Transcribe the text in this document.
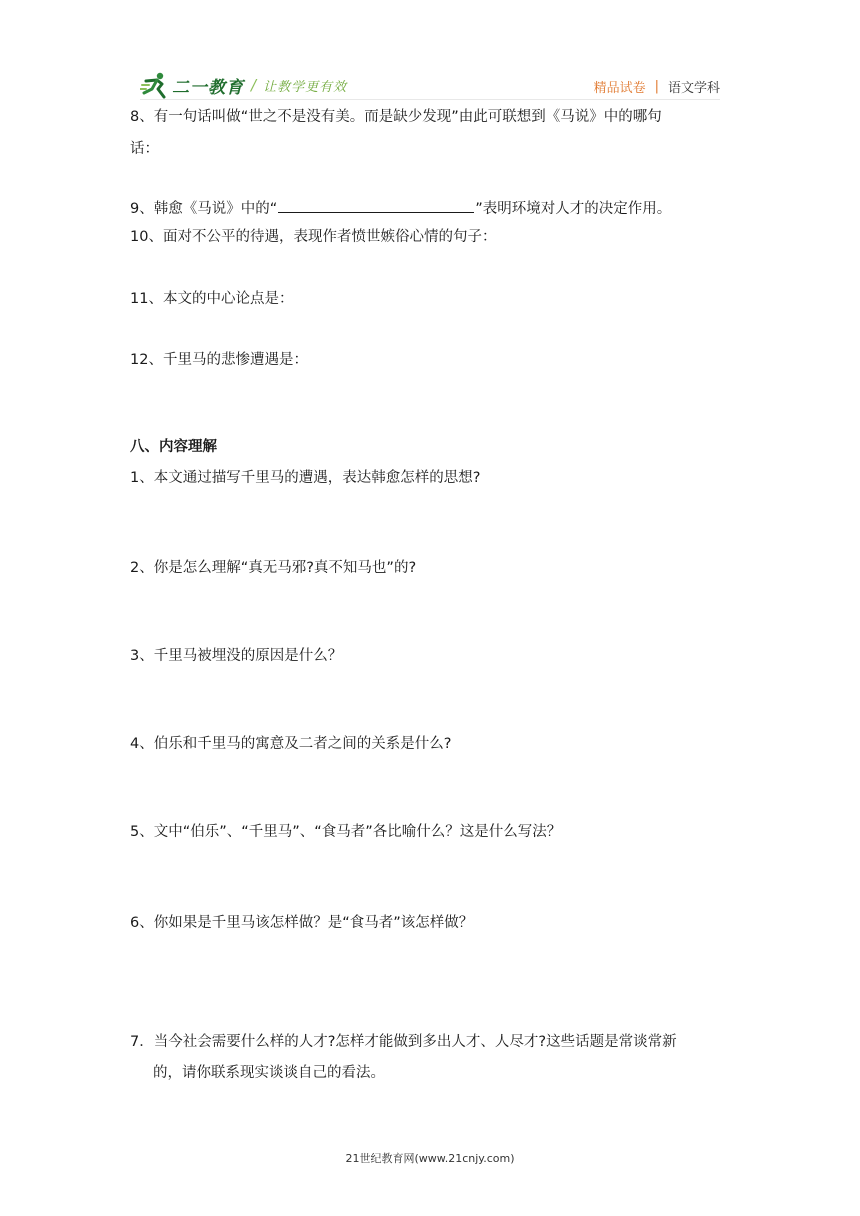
二一教育 / 让教学更有效	精品试卷 | 语文学科
8、有一句话叫做“世之不是没有美。而是缺少发现”由此可联想到《马说》中的哪句
话：
9、韩愈《马说》中的“	”表明环境对人才的决定作用。
10、面对不公平的待遇，表现作者愤世嫉俗心情的句子：
11、本文的中心论点是：
12、千里马的悲惨遭遇是：
八、内容理解
1、本文通过描写千里马的遭遇，表达韩愈怎样的思想?
2、你是怎么理解“真无马邪?真不知马也”的?
3、千里马被埋没的原因是什么？
4、伯乐和千里马的寓意及二者之间的关系是什么?
5、文中“伯乐”、“千里马”、“食马者”各比喻什么？这是什么写法？
6、你如果是千里马该怎样做？是“食马者”该怎样做？
7．当今社会需要什么样的人才?怎样才能做到多出人才、人尽才?这些话题是常谈常新
的，请你联系现实谈谈自己的看法。
21世纪教育网(www.21cnjy.com)
